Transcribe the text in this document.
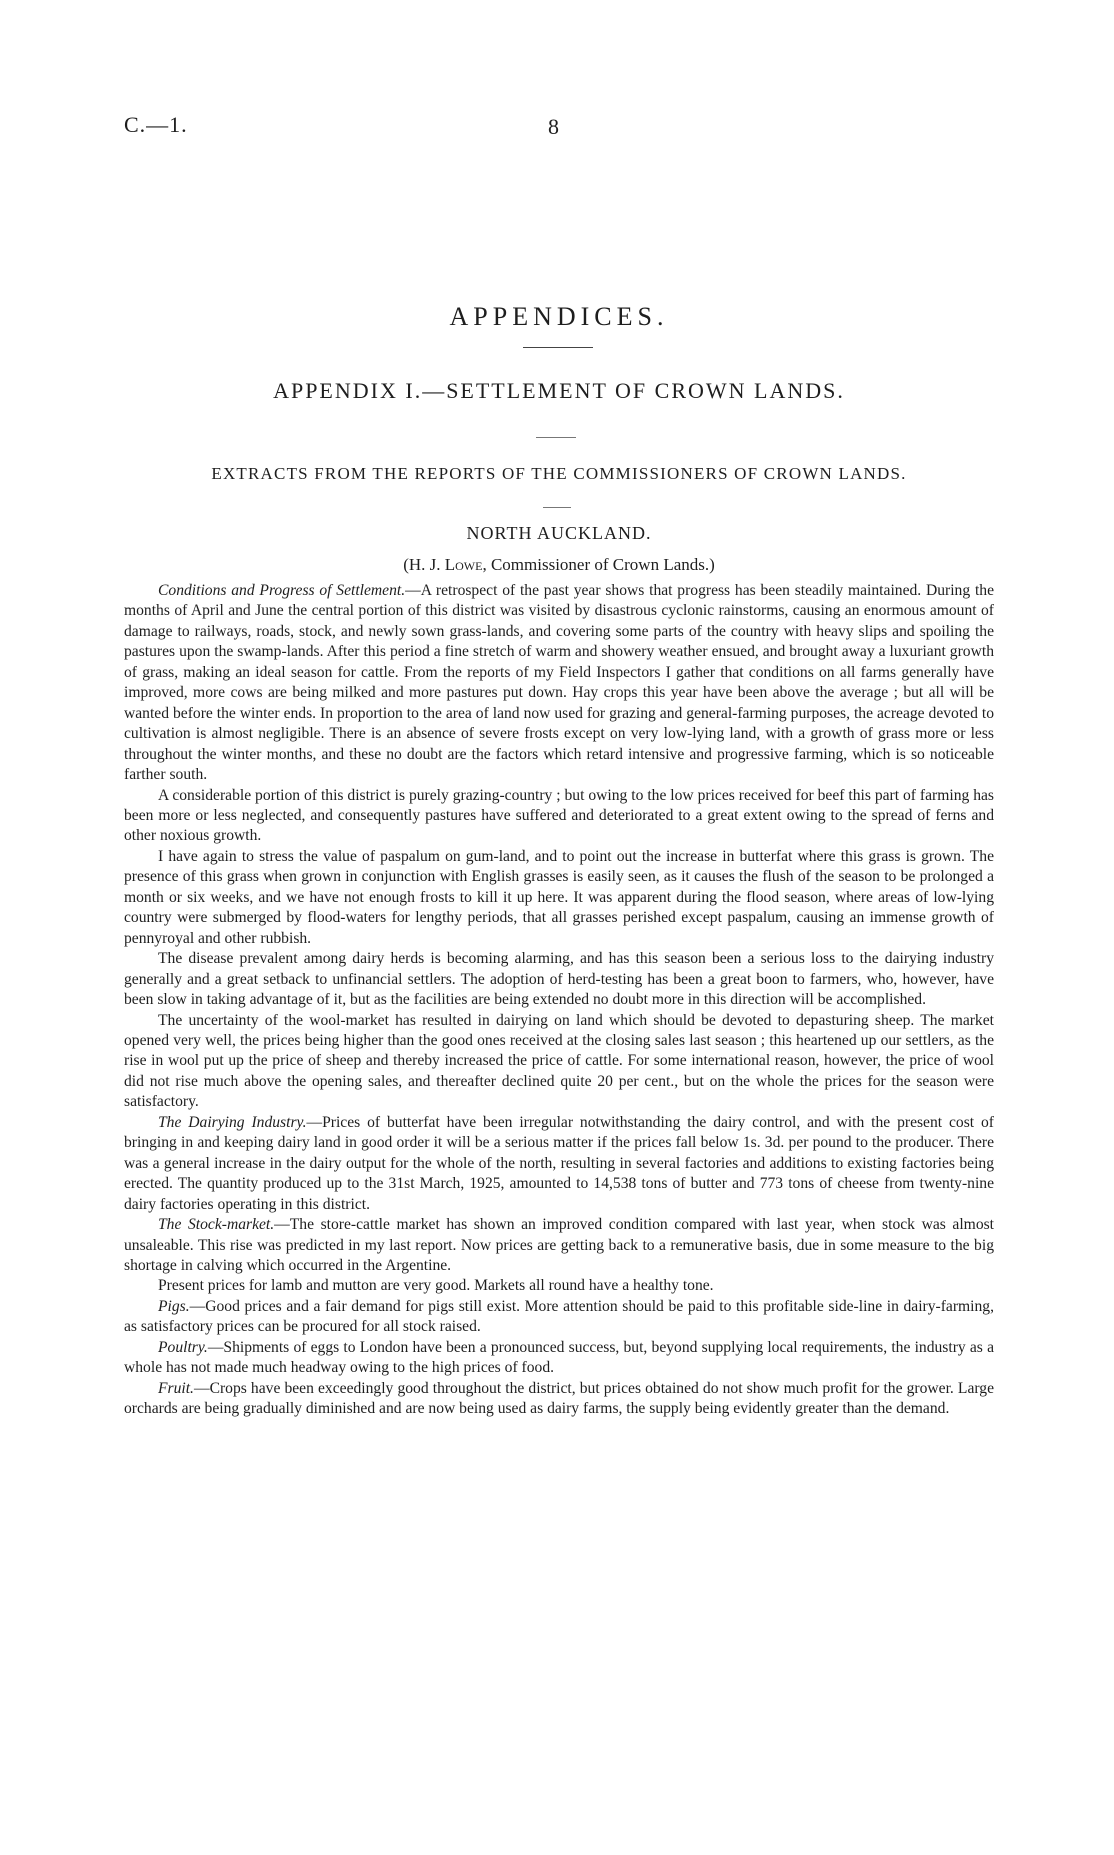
C.—1.	8
APPENDICES.
APPENDIX I.—SETTLEMENT OF CROWN LANDS.
EXTRACTS FROM THE REPORTS OF THE COMMISSIONERS OF CROWN LANDS.
NORTH AUCKLAND.
(H. J. Lowe, Commissioner of Crown Lands.)

Conditions and Progress of Settlement.—A retrospect of the past year shows that progress has been steadily maintained. During the months of April and June the central portion of this district was visited by disastrous cyclonic rainstorms, causing an enormous amount of damage to railways, roads, stock, and newly sown grass-lands, and covering some parts of the country with heavy slips and spoiling the pastures upon the swamp-lands. After this period a fine stretch of warm and showery weather ensued, and brought away a luxuriant growth of grass, making an ideal season for cattle. From the reports of my Field Inspectors I gather that conditions on all farms generally have improved, more cows are being milked and more pastures put down. Hay crops this year have been above the average ; but all will be wanted before the winter ends. In proportion to the area of land now used for grazing and general-farming purposes, the acreage devoted to cultivation is almost negligible. There is an absence of severe frosts except on very low-lying land, with a growth of grass more or less throughout the winter months, and these no doubt are the factors which retard intensive and progressive farming, which is so noticeable farther south.

A considerable portion of this district is purely grazing-country ; but owing to the low prices received for beef this part of farming has been more or less neglected, and consequently pastures have suffered and deteriorated to a great extent owing to the spread of ferns and other noxious growth.

I have again to stress the value of paspalum on gum-land, and to point out the increase in butterfat where this grass is grown. The presence of this grass when grown in conjunction with English grasses is easily seen, as it causes the flush of the season to be prolonged a month or six weeks, and we have not enough frosts to kill it up here. It was apparent during the flood season, where areas of low-lying country were submerged by flood-waters for lengthy periods, that all grasses perished except paspalum, causing an immense growth of pennyroyal and other rubbish.

The disease prevalent among dairy herds is becoming alarming, and has this season been a serious loss to the dairying industry generally and a great setback to unfinancial settlers. The adoption of herd-testing has been a great boon to farmers, who, however, have been slow in taking advantage of it, but as the facilities are being extended no doubt more in this direction will be accomplished.

The uncertainty of the wool-market has resulted in dairying on land which should be devoted to depasturing sheep. The market opened very well, the prices being higher than the good ones received at the closing sales last season ; this heartened up our settlers, as the rise in wool put up the price of sheep and thereby increased the price of cattle. For some international reason, however, the price of wool did not rise much above the opening sales, and thereafter declined quite 20 per cent., but on the whole the prices for the season were satisfactory.

The Dairying Industry.—Prices of butterfat have been irregular notwithstanding the dairy control, and with the present cost of bringing in and keeping dairy land in good order it will be a serious matter if the prices fall below 1s. 3d. per pound to the producer. There was a general increase in the dairy output for the whole of the north, resulting in several factories and additions to existing factories being erected. The quantity produced up to the 31st March, 1925, amounted to 14,538 tons of butter and 773 tons of cheese from twenty-nine dairy factories operating in this district.

The Stock-market.—The store-cattle market has shown an improved condition compared with last year, when stock was almost unsaleable. This rise was predicted in my last report. Now prices are getting back to a remunerative basis, due in some measure to the big shortage in calving which occurred in the Argentine.

Present prices for lamb and mutton are very good. Markets all round have a healthy tone.

Pigs.—Good prices and a fair demand for pigs still exist. More attention should be paid to this profitable side-line in dairy-farming, as satisfactory prices can be procured for all stock raised.

Poultry.—Shipments of eggs to London have been a pronounced success, but, beyond supplying local requirements, the industry as a whole has not made much headway owing to the high prices of food.

Fruit.—Crops have been exceedingly good throughout the district, but prices obtained do not show much profit for the grower. Large orchards are being gradually diminished and are now being used as dairy farms, the supply being evidently greater than the demand.
